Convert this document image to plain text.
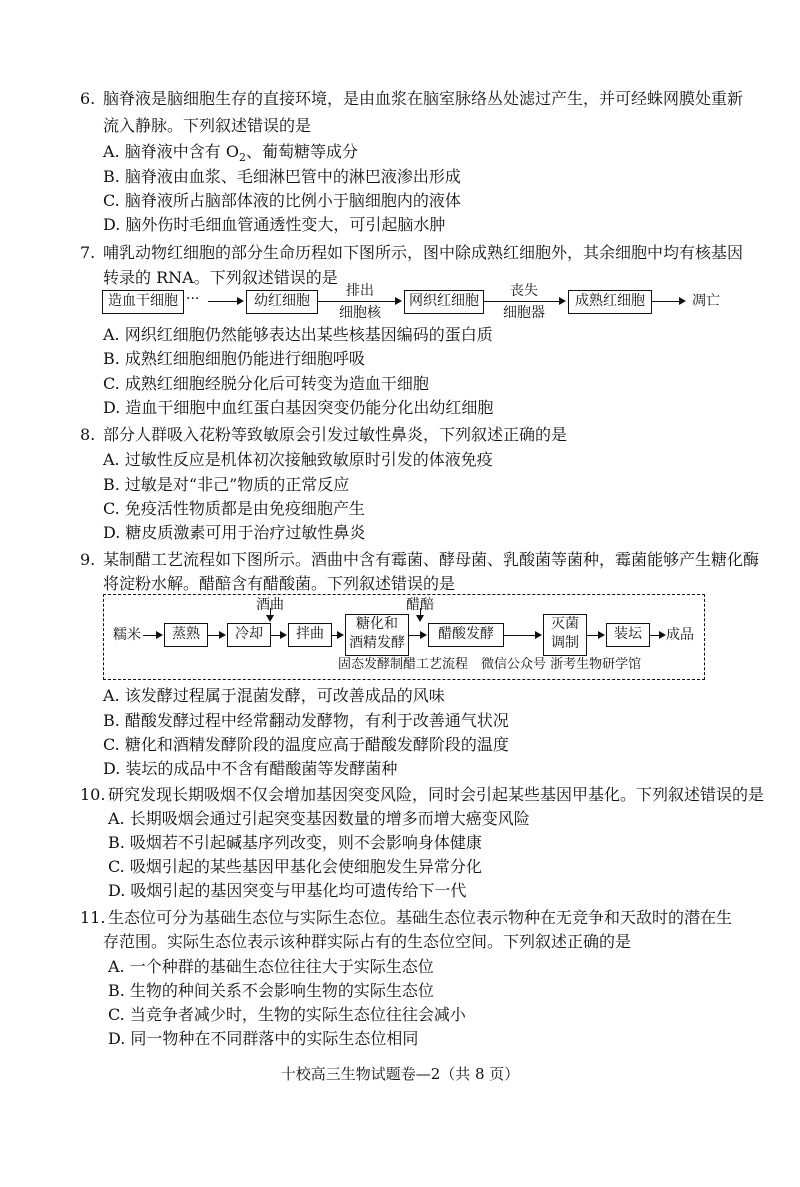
6. 脑脊液是脑细胞生存的直接环境，是由血浆在脑室脉络丛处滤过产生，并可经蛛网膜处重新
流入静脉。下列叙述错误的是
A. 脑脊液中含有 $O_2$、葡萄糖等成分
B. 脑脊液由血浆、毛细淋巴管中的淋巴液渗出形成
C. 脑脊液所占脑部体液的比例小于脑细胞内的液体
D. 脑外伤时毛细血管通透性变大，可引起脑水肿
7. 哺乳动物红细胞的部分生命历程如下图所示，图中除成熟红细胞外，其余细胞中均有核基因
转录的 RNA。下列叙述错误的是
造血干细胞 ···	幼红细胞
排出
细胞核
网织红细胞
丧失
细胞器
成熟红细胞	凋亡
A. 网织红细胞仍然能够表达出某些核基因编码的蛋白质
B. 成熟红细胞细胞仍能进行细胞呼吸
C. 成熟红细胞经脱分化后可转变为造血干细胞
D. 造血干细胞中血红蛋白基因突变仍能分化出幼红细胞
8. 部分人群吸入花粉等致敏原会引发过敏性鼻炎，下列叙述正确的是
A. 过敏性反应是机体初次接触致敏原时引发的体液免疫
B. 过敏是对“非己”物质的正常反应
C. 免疫活性物质都是由免疫细胞产生
D. 糖皮质激素可用于治疗过敏性鼻炎
9. 某制醋工艺流程如下图所示。酒曲中含有霉菌、酵母菌、乳酸菌等菌种，霉菌能够产生糖化酶
将淀粉水解。醋醅含有醋酸菌。下列叙述错误的是
糯米	蒸熟	冷却
酒曲
拌曲
糖化和
酒精发酵
醋醅
醋酸发酵
灭菌
调制
装坛	成品
固态发酵制醋工艺流程　微信公众号 浙考生物研学馆
A. 该发酵过程属于混菌发酵，可改善成品的风味
B. 醋酸发酵过程中经常翻动发酵物，有利于改善通气状况
C. 糖化和酒精发酵阶段的温度应高于醋酸发酵阶段的温度
D. 装坛的成品中不含有醋酸菌等发酵菌种
10. 研究发现长期吸烟不仅会增加基因突变风险，同时会引起某些基因甲基化。下列叙述错误的是
A. 长期吸烟会通过引起突变基因数量的增多而增大癌变风险
B. 吸烟若不引起碱基序列改变，则不会影响身体健康
C. 吸烟引起的某些基因甲基化会使细胞发生异常分化
D. 吸烟引起的基因突变与甲基化均可遗传给下一代
11. 生态位可分为基础生态位与实际生态位。基础生态位表示物种在无竞争和天敌时的潜在生
存范围。实际生态位表示该种群实际占有的生态位空间。下列叙述正确的是
A. 一个种群的基础生态位往往大于实际生态位
B. 生物的种间关系不会影响生物的实际生态位
C. 当竞争者减少时，生物的实际生态位往往会减小
D. 同一物种在不同群落中的实际生态位相同
十校高三生物试题卷—2（共 8 页）
